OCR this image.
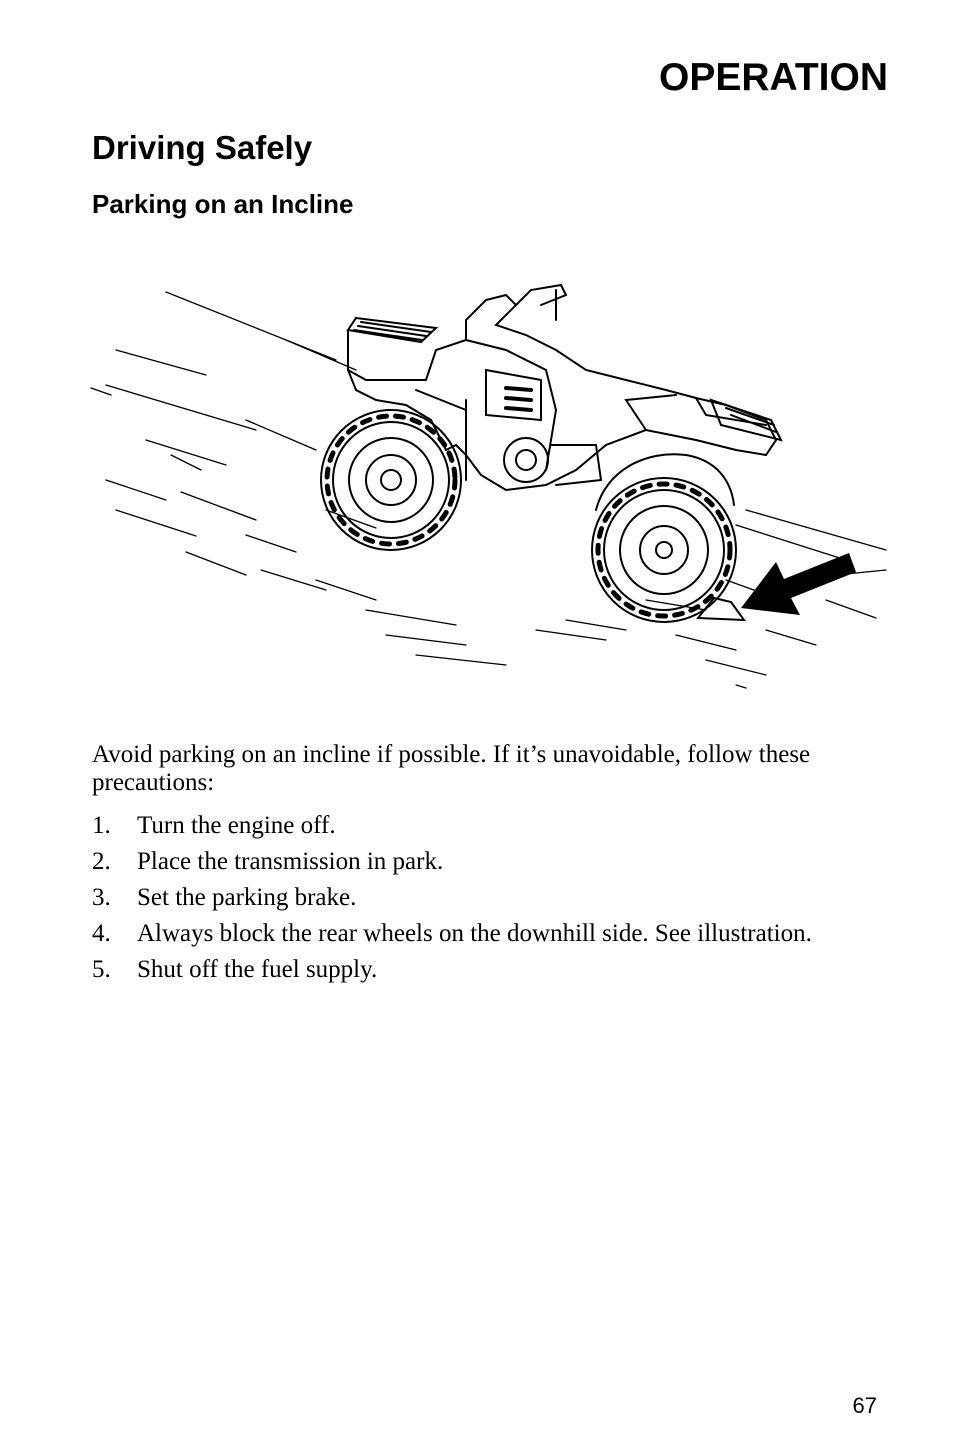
OPERATION
Driving Safely
Parking on an Incline

Avoid parking on an incline if possible. If it’s unavoidable, follow these precautions:

1.	Turn the engine off.
2.	Place the transmission in park.
3.	Set the parking brake.
4.	Always block the rear wheels on the downhill side. See illustration.
5.	Shut off the fuel supply.

67
